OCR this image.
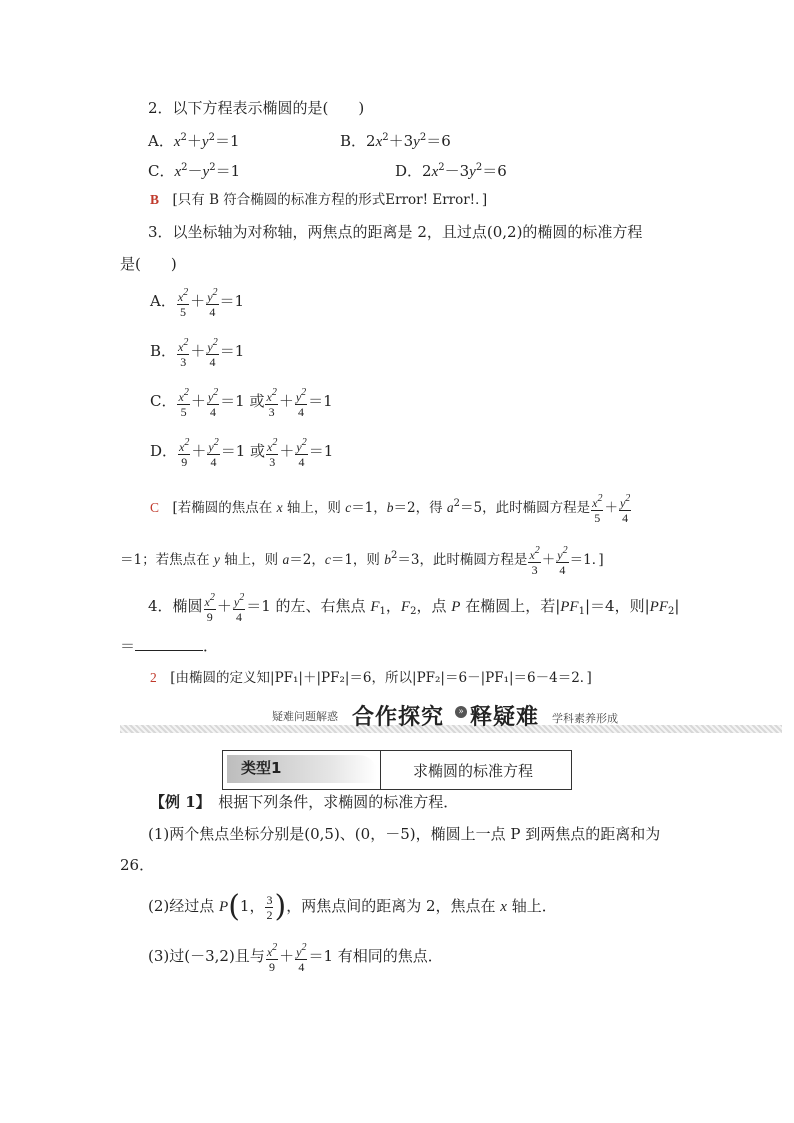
2．以下方程表示椭圆的是(　　)
A．$x^2+y^2=1$	B．$2x^2+3y^2=6$
C．$x^2-y^2=1$	D．$2x^2-3y^2=6$
B　 [只有 B 符合椭圆的标准方程的形式Error! Error!．]
3．以坐标轴为对称轴，两焦点的距离是 2，且过点(0,2)的椭圆的标准方程
是(　　)
A． $\frac{x^2}{5} + \frac{y^2}{4} =1$
B． $\frac{x^2}{3} + \frac{y^2}{4} =1$
C． $\frac{x^2}{5} + \frac{y^2}{4} =1$ 或 $\frac{x^2}{3} + \frac{y^2}{4} =1$
D． $\frac{x^2}{9} + \frac{y^2}{4} =1$ 或 $\frac{x^2}{3} + \frac{y^2}{4} =1$
C　 [若椭圆的焦点在 x 轴上，则 c＝1，b＝2，得 $a^2=5$，此时椭圆方程是 $\frac{x^2}{5} + \frac{y^2}{4}$
＝1；若焦点在 y 轴上，则 a＝2，c＝1，则 $b^2=3$，此时椭圆方程是 $\frac{x^2}{3} + \frac{y^2}{4} =1$．]
4．椭圆 $\frac{x^2}{9} + \frac{y^2}{4} =1$ 的左、右焦点 $F_1$，$F_2$，点 P 在椭圆上，若$|PF_1|=4$，则$|PF_2|$
＝	．
2　 [由椭圆的定义知|PF₁|＋|PF₂|＝6，所以|PF₂|＝6－|PF₁|＝6－4＝2．]
疑难问题解惑 合作探究	» 释疑难 学科素养形成
类型1	求椭圆的标准方程
【例 1】　 根据下列条件，求椭圆的标准方程．
(1)两个焦点坐标分别是(0,5)、(0，－5)，椭圆上一点 P 到两焦点的距离和为
26．
(2)经过点 P(1， $\frac{3}{2}$ )，两焦点间的距离为 2，焦点在 x 轴上．
(3)过(－3,2)且与 $\frac{x^2}{9} + \frac{y^2}{4} =1$ 有相同的焦点．
